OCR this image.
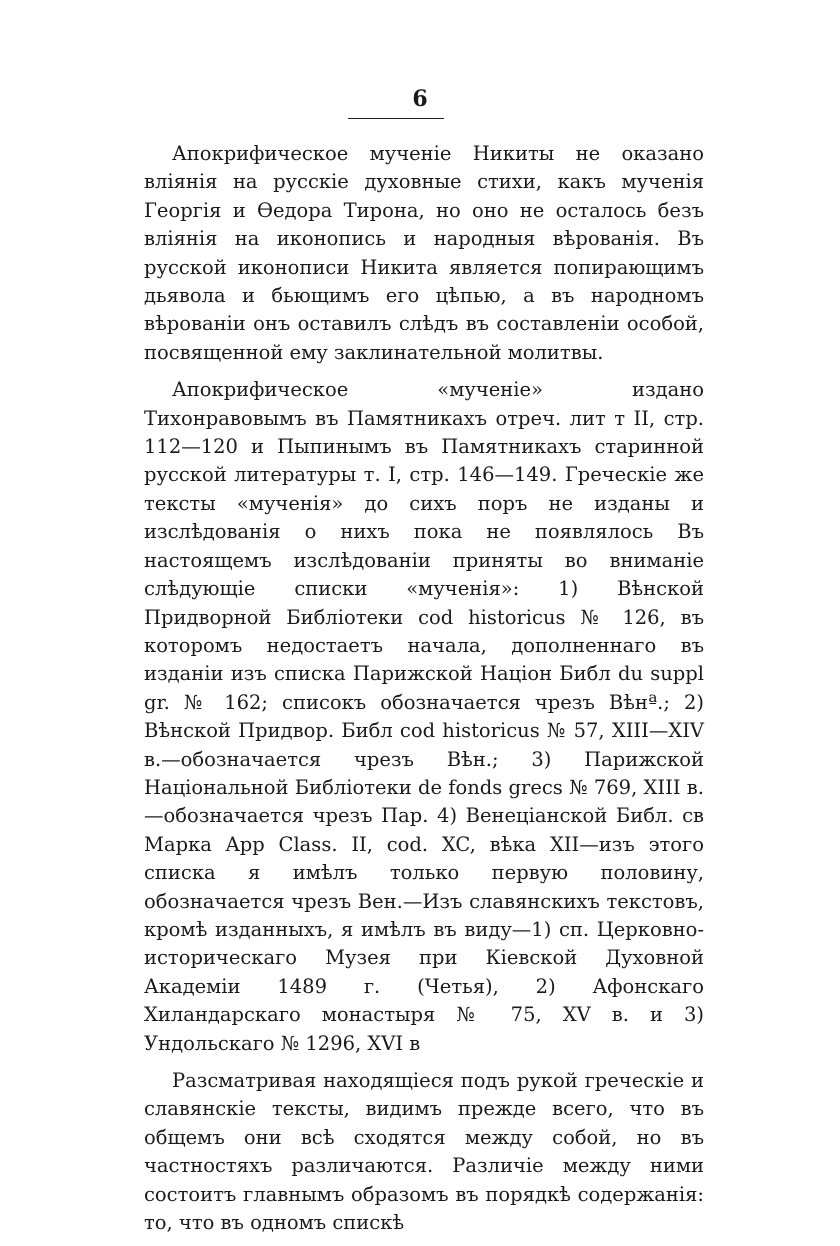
6

Апокрифическое мученіе Никиты не оказано вліянія на русскіе духовные стихи, какъ мученія Георгія и Өедора Тирона, но оно не осталось безъ вліянія на иконопись и народныя вѣрованія. Въ русской иконописи Никита является попирающимъ дьявола и бьющимъ его цѣпью, а въ народномъ вѣрованіи онъ оставилъ слѣдъ въ составленіи особой, посвященной ему заклинательной молитвы.

Апокрифическое «мученіе» издано Тихонравовымъ въ Памятникахъ отреч. лит т II, стр. 112—120 и Пыпинымъ въ Памятникахъ старинной русской литературы т. I, стр. 146—149. Греческіе же тексты «мученія» до сихъ поръ не изданы и изслѣдованія о нихъ пока не появлялось Въ настоящемъ изслѣдованіи приняты во вниманіе слѣдующіе списки «мученія»: 1) Вѣнской Придворной Библіотеки cod historicus № 126, въ которомъ недостаетъ начала, дополненнаго въ изданіи изъ списка Парижской Націон Библ du suppl gr. № 162; списокъ обозначается чрезъ Вѣнª.; 2) Вѣнской Придвор. Библ cod historicus № 57, XIII—XIV в.—обозначается чрезъ Вѣн.; 3) Парижской Національной Библіотеки de fonds grecs № 769, XIII в.—обозначается чрезъ Пар. 4) Венеціанской Библ. св Марка App Class. II, cod. XC, вѣка XII—изъ этого списка я имѣлъ только первую половину, обозначается чрезъ Вен.—Изъ славянскихъ текстовъ, кромѣ изданныхъ, я имѣлъ въ виду—1) сп. Церковно-историческаго Музея при Кіевской Духовной Академіи 1489 г. (Четья), 2) Афонскаго Хиландарскаго монастыря № 75, XV в. и 3) Ундольскаго № 1296, XVI в

Разсматривая находящіеся подъ рукой греческіе и славянскіе тексты, видимъ прежде всего, что въ общемъ они всѣ сходятся между собой, но въ частностяхъ различаются. Различіе между ними состоитъ главнымъ образомъ въ порядкѣ содержанія: то, что въ одномъ спискѣ
